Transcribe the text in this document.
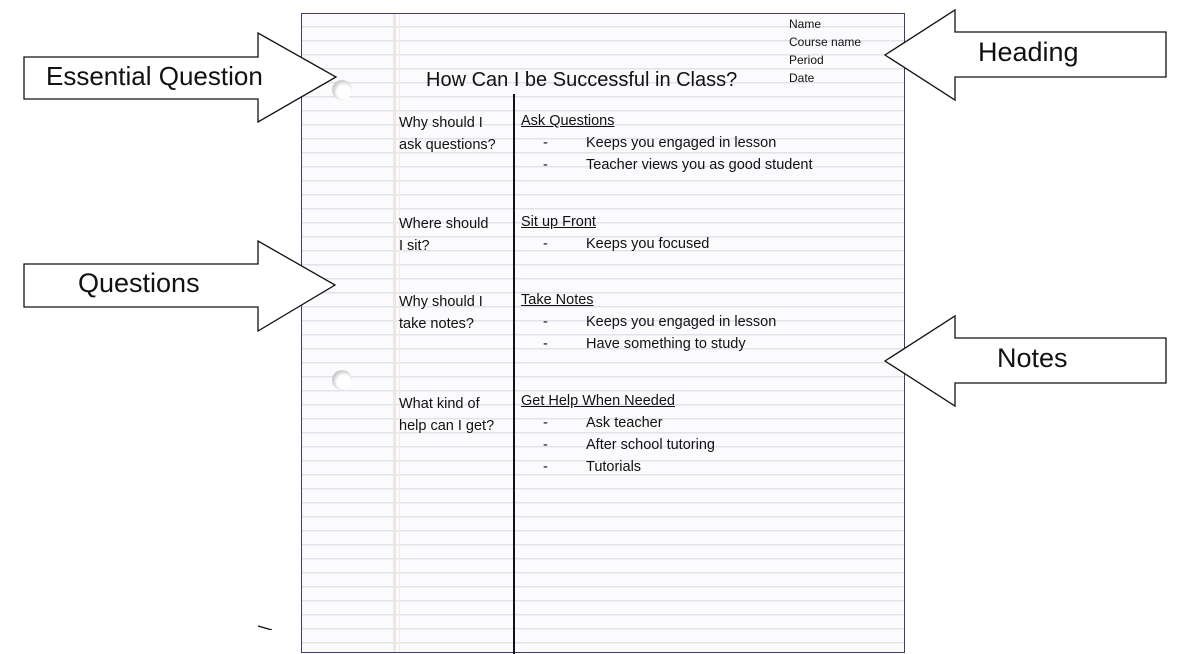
How Can I be Successful in Class?
Name
Course name
Period
Date
Why should I
ask questions?
Ask Questions
-	Keeps you engaged in lesson
-	Teacher views you as good student
Where should
I sit?
Sit up Front
-	Keeps you focused
Why should I
take notes?
Take Notes
-	Keeps you engaged in lesson
-	Have something to study
What kind of
help can I get?
Get Help When Needed
-	Ask teacher
-	After school tutoring
-	Tutorials
Essential Question
Heading
Questions
Notes
